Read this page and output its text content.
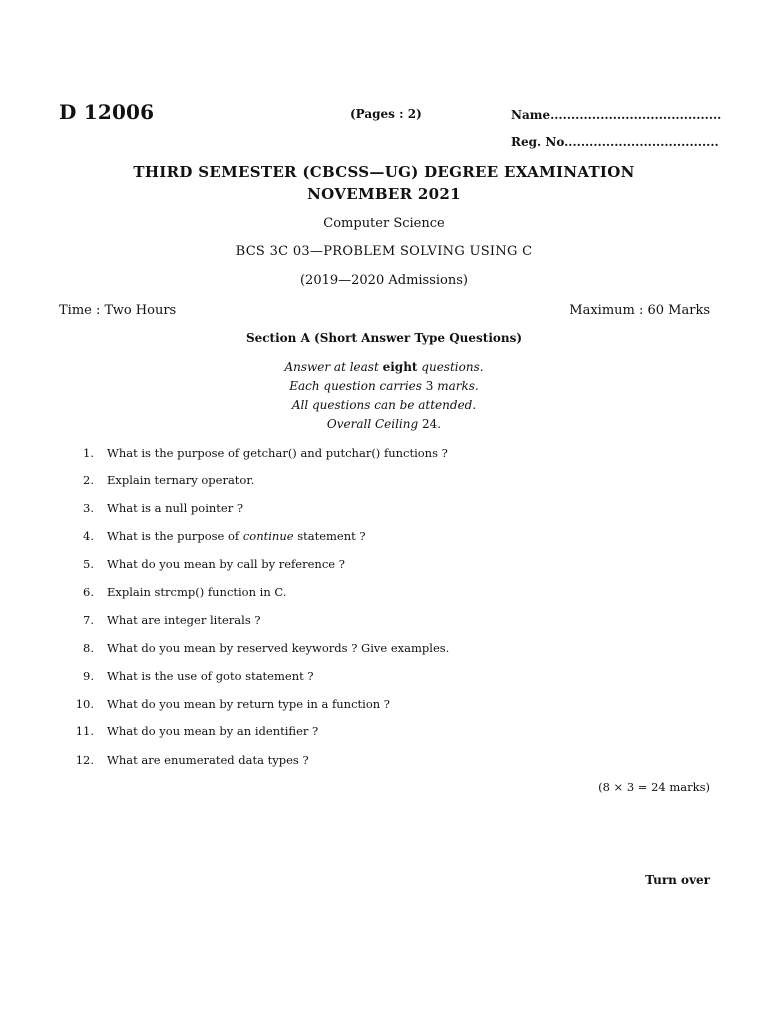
D 12006	(Pages : 2)	Name.........................................
Reg. No.....................................
THIRD SEMESTER (CBCSS—UG) DEGREE EXAMINATION
NOVEMBER 2021
Computer Science
BCS 3C 03—PROBLEM SOLVING USING C
(2019—2020 Admissions)
Time : Two Hours	Maximum : 60 Marks
Section A (Short Answer Type Questions)
Answer at least eight questions.
Each question carries 3 marks.
All questions can be attended.
Overall Ceiling 24.
1. What is the purpose of getchar() and putchar() functions ?
2. Explain ternary operator.
3. What is a null pointer ?
4. What is the purpose of continue statement ?
5. What do you mean by call by reference ?
6. Explain strcmp() function in C.
7. What are integer literals ?
8. What do you mean by reserved keywords ? Give examples.
9. What is the use of goto statement ?
10. What do you mean by return type in a function ?
11. What do you mean by an identifier ?
12. What are enumerated data types ?
(8 × 3 = 24 marks)
Turn over
